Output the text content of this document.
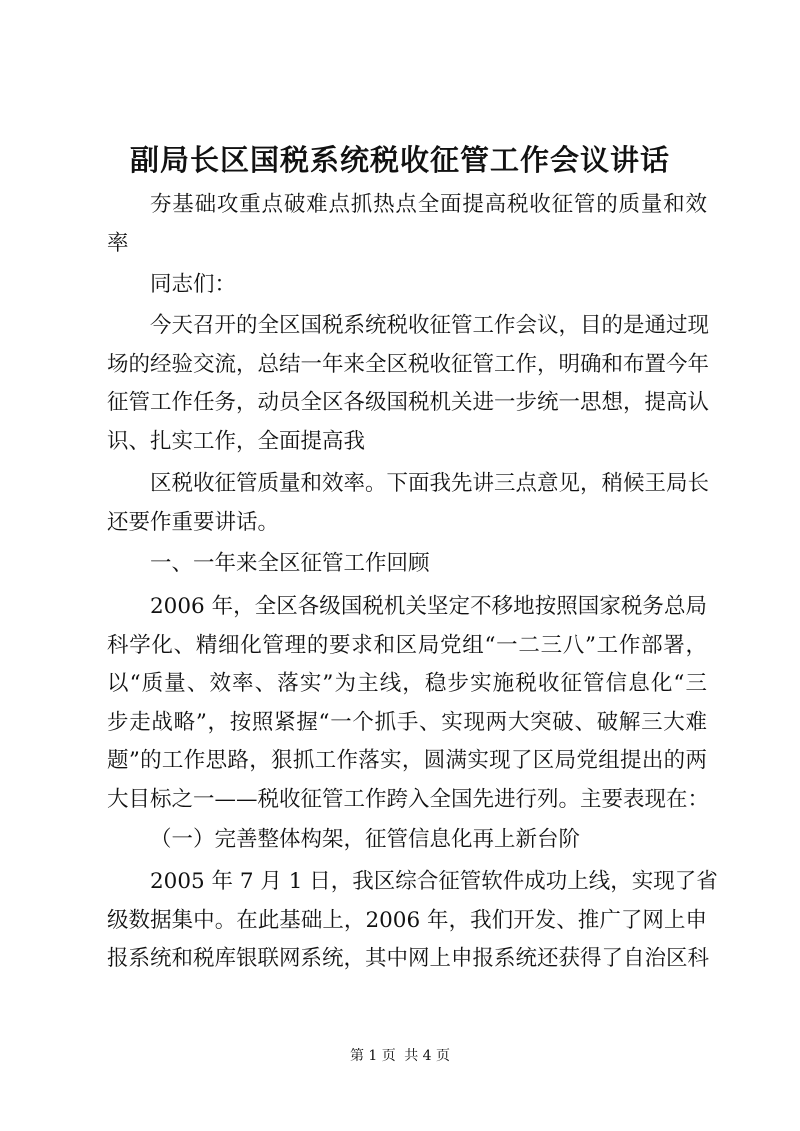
副局长区国税系统税收征管工作会议讲话
夯基础攻重点破难点抓热点全面提高税收征管的质量和效
率
同志们：
今天召开的全区国税系统税收征管工作会议，目的是通过现
场的经验交流，总结一年来全区税收征管工作，明确和布置今年
征管工作任务，动员全区各级国税机关进一步统一思想，提高认
识、扎实工作，全面提高我
区税收征管质量和效率。下面我先讲三点意见，稍候王局长
还要作重要讲话。
一、一年来全区征管工作回顾
2006 年，全区各级国税机关坚定不移地按照国家税务总局
科学化、精细化管理的要求和区局党组“一二三八”工作部署，
以“质量、效率、落实”为主线，稳步实施税收征管信息化“三
步走战略”，按照紧握“一个抓手、实现两大突破、破解三大难
题”的工作思路，狠抓工作落实，圆满实现了区局党组提出的两
大目标之一——税收征管工作跨入全国先进行列。主要表现在：
（一）完善整体构架，征管信息化再上新台阶
2005 年 7 月 1 日，我区综合征管软件成功上线，实现了省
级数据集中。在此基础上，2006 年，我们开发、推广了网上申
报系统和税库银联网系统，其中网上申报系统还获得了自治区科
第 1 页 共 4 页
